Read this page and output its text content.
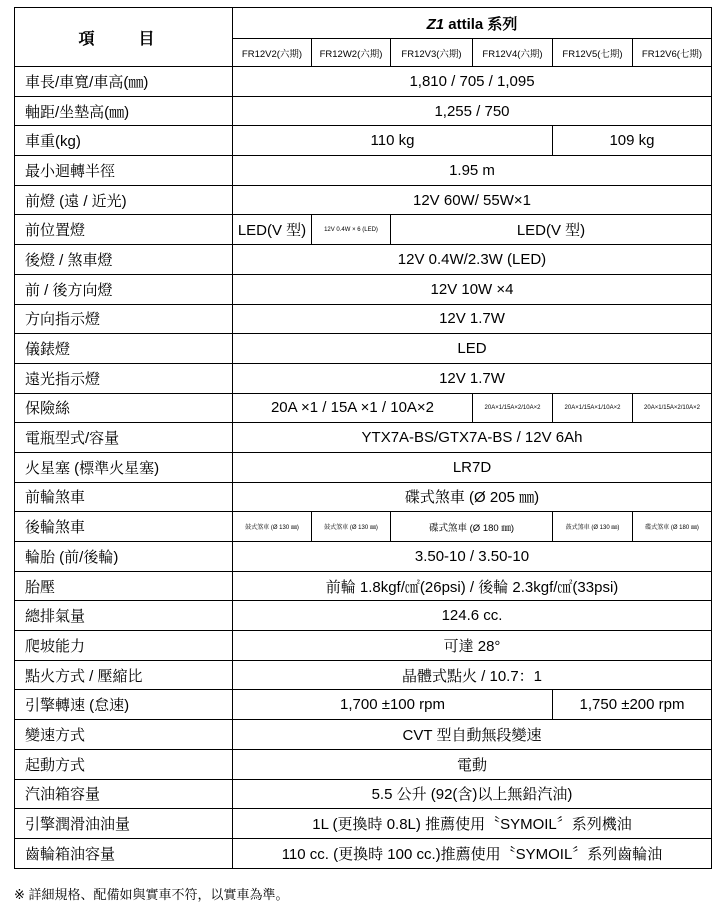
項　目	Z1 attila 系列					
	FR12V2(六期)	FR12W2(六期)	FR12V3(六期)	FR12V4(六期)	FR12V5(七期)	FR12V6(七期)
車長/車寬/車高(㎜)	1,810 / 705 / 1,095					
軸距/坐墊高(㎜)	1,255 / 750					
車重(kg)	110 kg				109 kg	
最小迴轉半徑	1.95 m					
前燈 (遠 / 近光)	12V 60W/ 55W×1					
前位置燈	LED(V 型)	12V 0.4W × 6 (LED)	LED(V 型)			
後燈 / 煞車燈	12V 0.4W/2.3W (LED)					
前 / 後方向燈	12V 10W ×4					
方向指示燈	12V 1.7W					
儀錶燈	LED					
遠光指示燈	12V 1.7W					
保險絲	20A ×1 / 15A ×1 / 10A×2			20A×1/15A×2/10A×2	20A×1/15A×1/10A×2	20A×1/15A×2/10A×2
電瓶型式/容量	YTX7A-BS/GTX7A-BS / 12V 6Ah					
火星塞 (標準火星塞)	LR7D					
前輪煞車	碟式煞車 (Ø 205 ㎜)					
後輪煞車	鼓式煞車 (Ø 130 ㎜)	鼓式煞車 (Ø 130 ㎜)	碟式煞車 (Ø 180 ㎜)		鼓式煞車 (Ø 130 ㎜)	碟式煞車 (Ø 180 ㎜)
輪胎 (前/後輪)	3.50-10 / 3.50-10					
胎壓	前輪 1.8kgf/㎠(26psi) / 後輪 2.3kgf/㎠(33psi)					
總排氣量	124.6 cc.					
爬坡能力	可達 28°					
點火方式 / 壓縮比	晶體式點火 / 10.7：1					
引擎轉速 (怠速)	1,700 ±100 rpm				1,750 ±200 rpm	
變速方式	CVT 型自動無段變速					
起動方式	電動					
汽油箱容量	5.5 公升 (92(含)以上無鉛汽油)					
引擎潤滑油油量	1L (更換時 0.8L) 推薦使用〝SYMOIL〞系列機油					
齒輪箱油容量	110 cc. (更換時 100 cc.)推薦使用〝SYMOIL〞系列齒輪油					
※ 詳細規格、配備如與實車不符，以實車為準。
